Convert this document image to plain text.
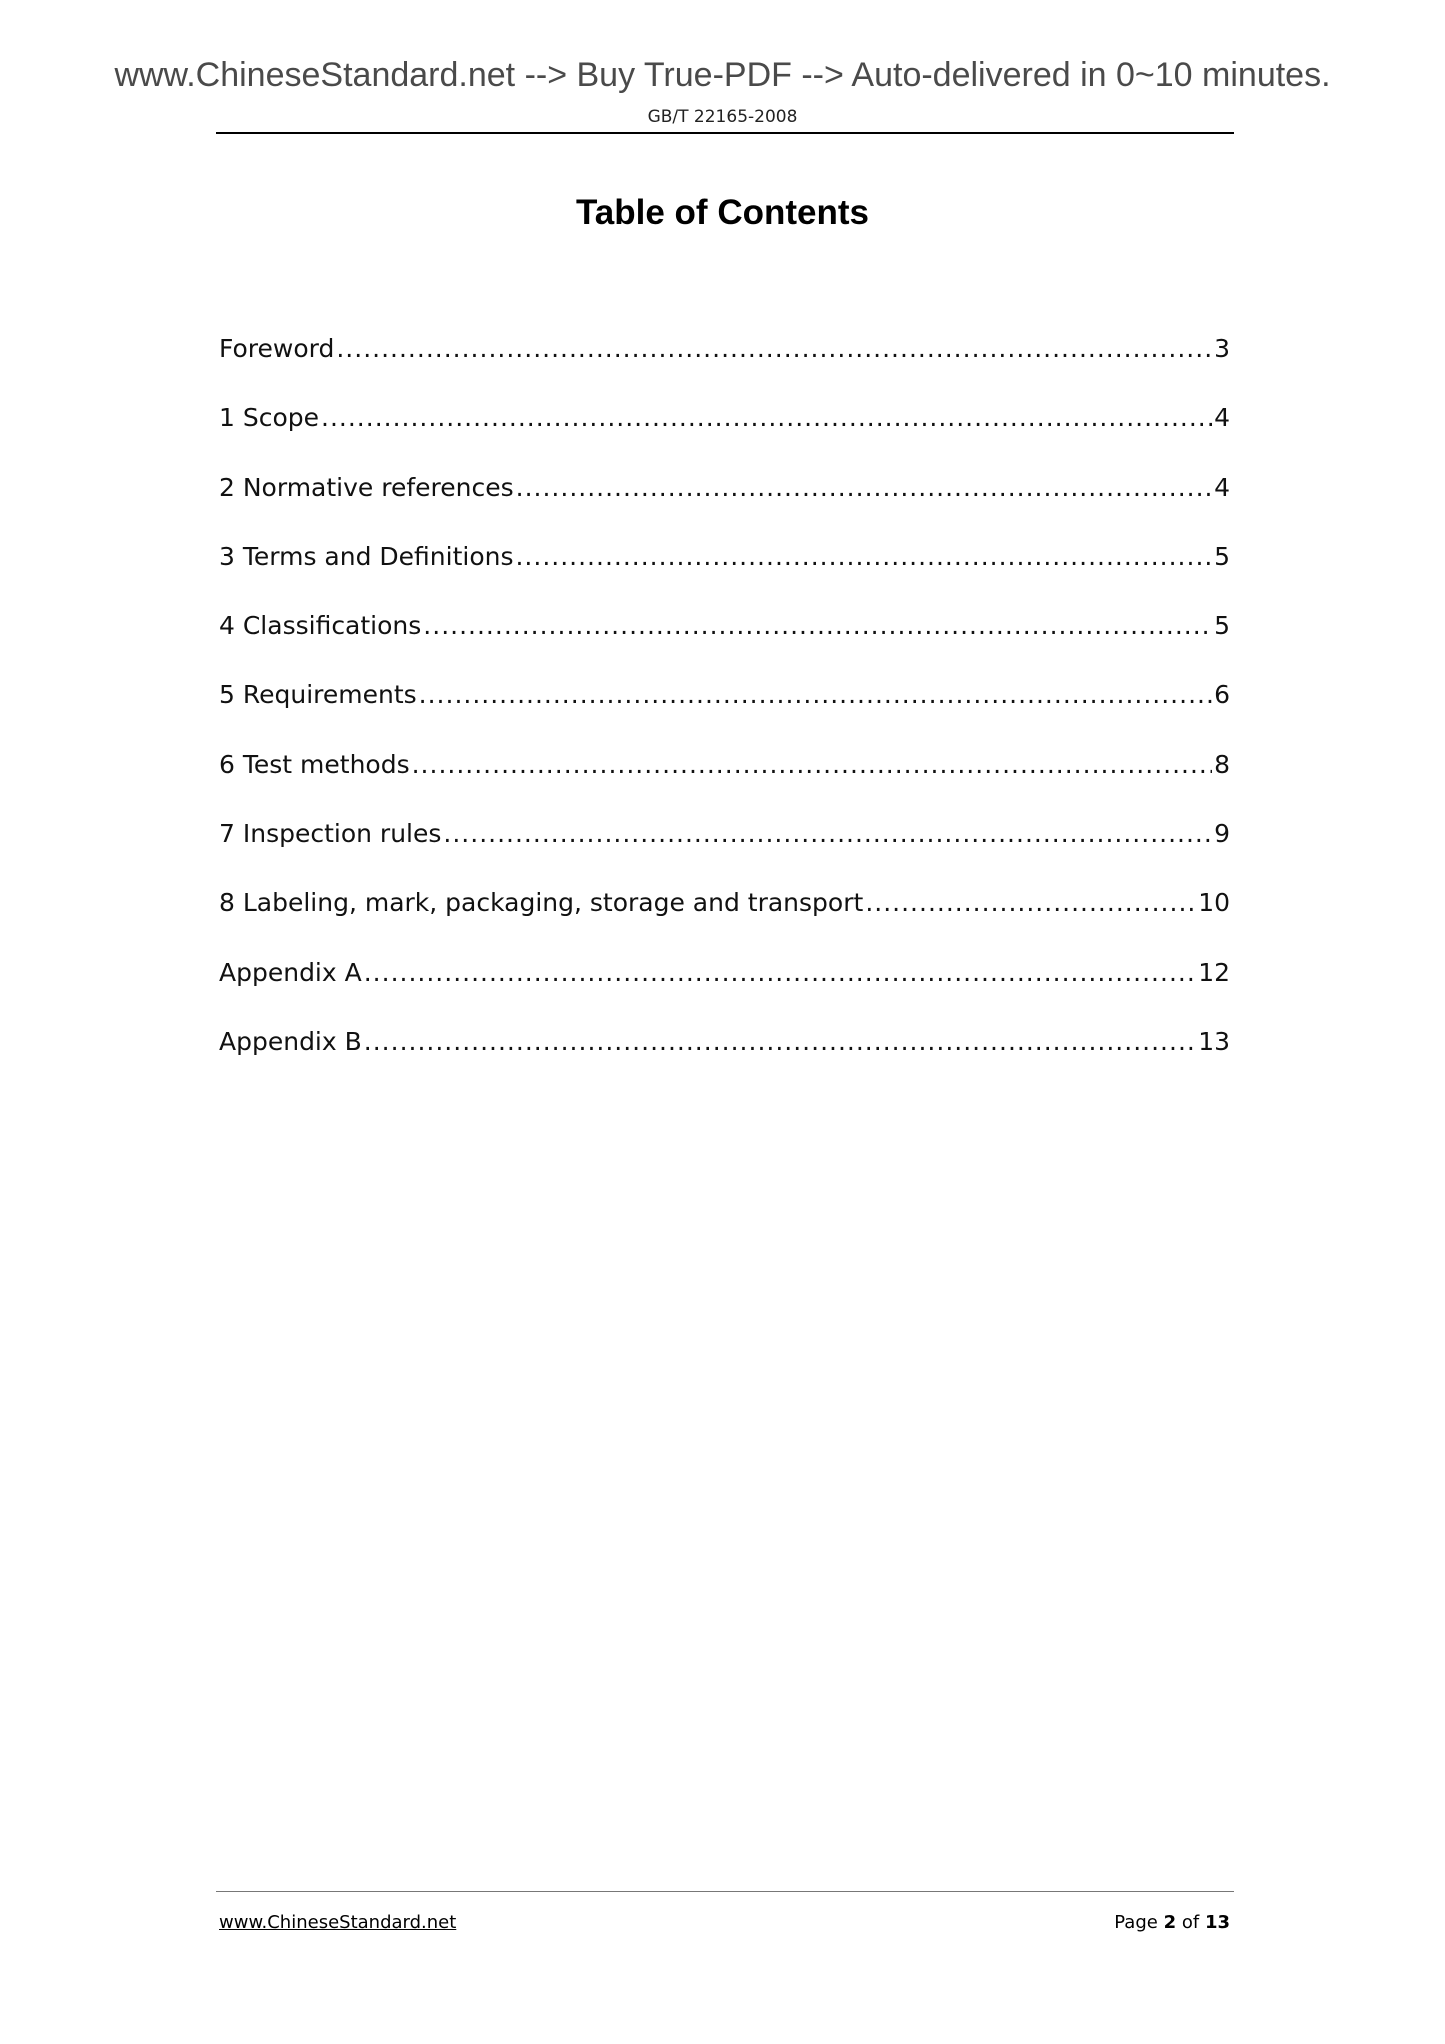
www.ChineseStandard.net --> Buy True-PDF --> Auto-delivered in 0~10 minutes.
GB/T 22165-2008
Table of Contents
Foreword .....	3
1 Scope .....	4
2 Normative references .....	4
3 Terms and Definitions .....	5
4 Classifications .....	5
5 Requirements .....	6
6 Test methods .....	8
7 Inspection rules .....	9
8 Labeling, mark, packaging, storage and transport .....	10
Appendix A .....	12
Appendix B .....	13
www.ChineseStandard.net	Page 2 of 13
